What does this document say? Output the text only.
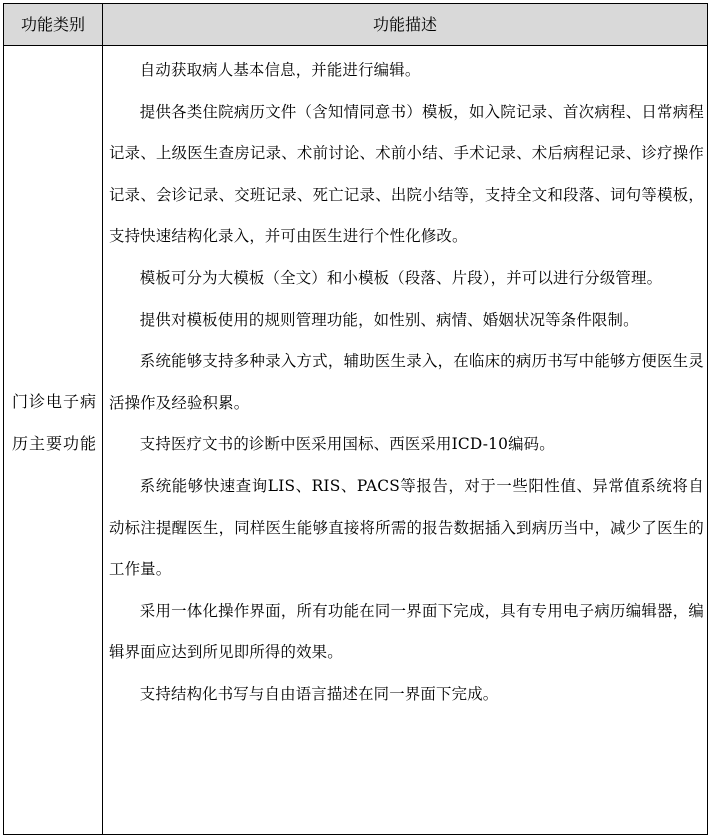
功能类别	功能描述
门诊电子病历主要功能

自动获取病人基本信息，并能进行编辑。

提供各类住院病历文件（含知情同意书）模板，如入院记录、首次病程、日常病程记录、上级医生查房记录、术前讨论、术前小结、手术记录、术后病程记录、诊疗操作记录、会诊记录、交班记录、死亡记录、出院小结等，支持全文和段落、词句等模板，支持快速结构化录入，并可由医生进行个性化修改。

模板可分为大模板（全文）和小模板（段落、片段），并可以进行分级管理。

提供对模板使用的规则管理功能，如性别、病情、婚姻状况等条件限制。

系统能够支持多种录入方式，辅助医生录入，在临床的病历书写中能够方便医生灵活操作及经验积累。

支持医疗文书的诊断中医采用国标、西医采用ICD-10编码。

系统能够快速查询LIS、RIS、PACS等报告，对于一些阳性值、异常值系统将自动标注提醒医生，同样医生能够直接将所需的报告数据插入到病历当中，减少了医生的工作量。

采用一体化操作界面，所有功能在同一界面下完成，具有专用电子病历编辑器，编辑界面应达到所见即所得的效果。

支持结构化书写与自由语言描述在同一界面下完成。
